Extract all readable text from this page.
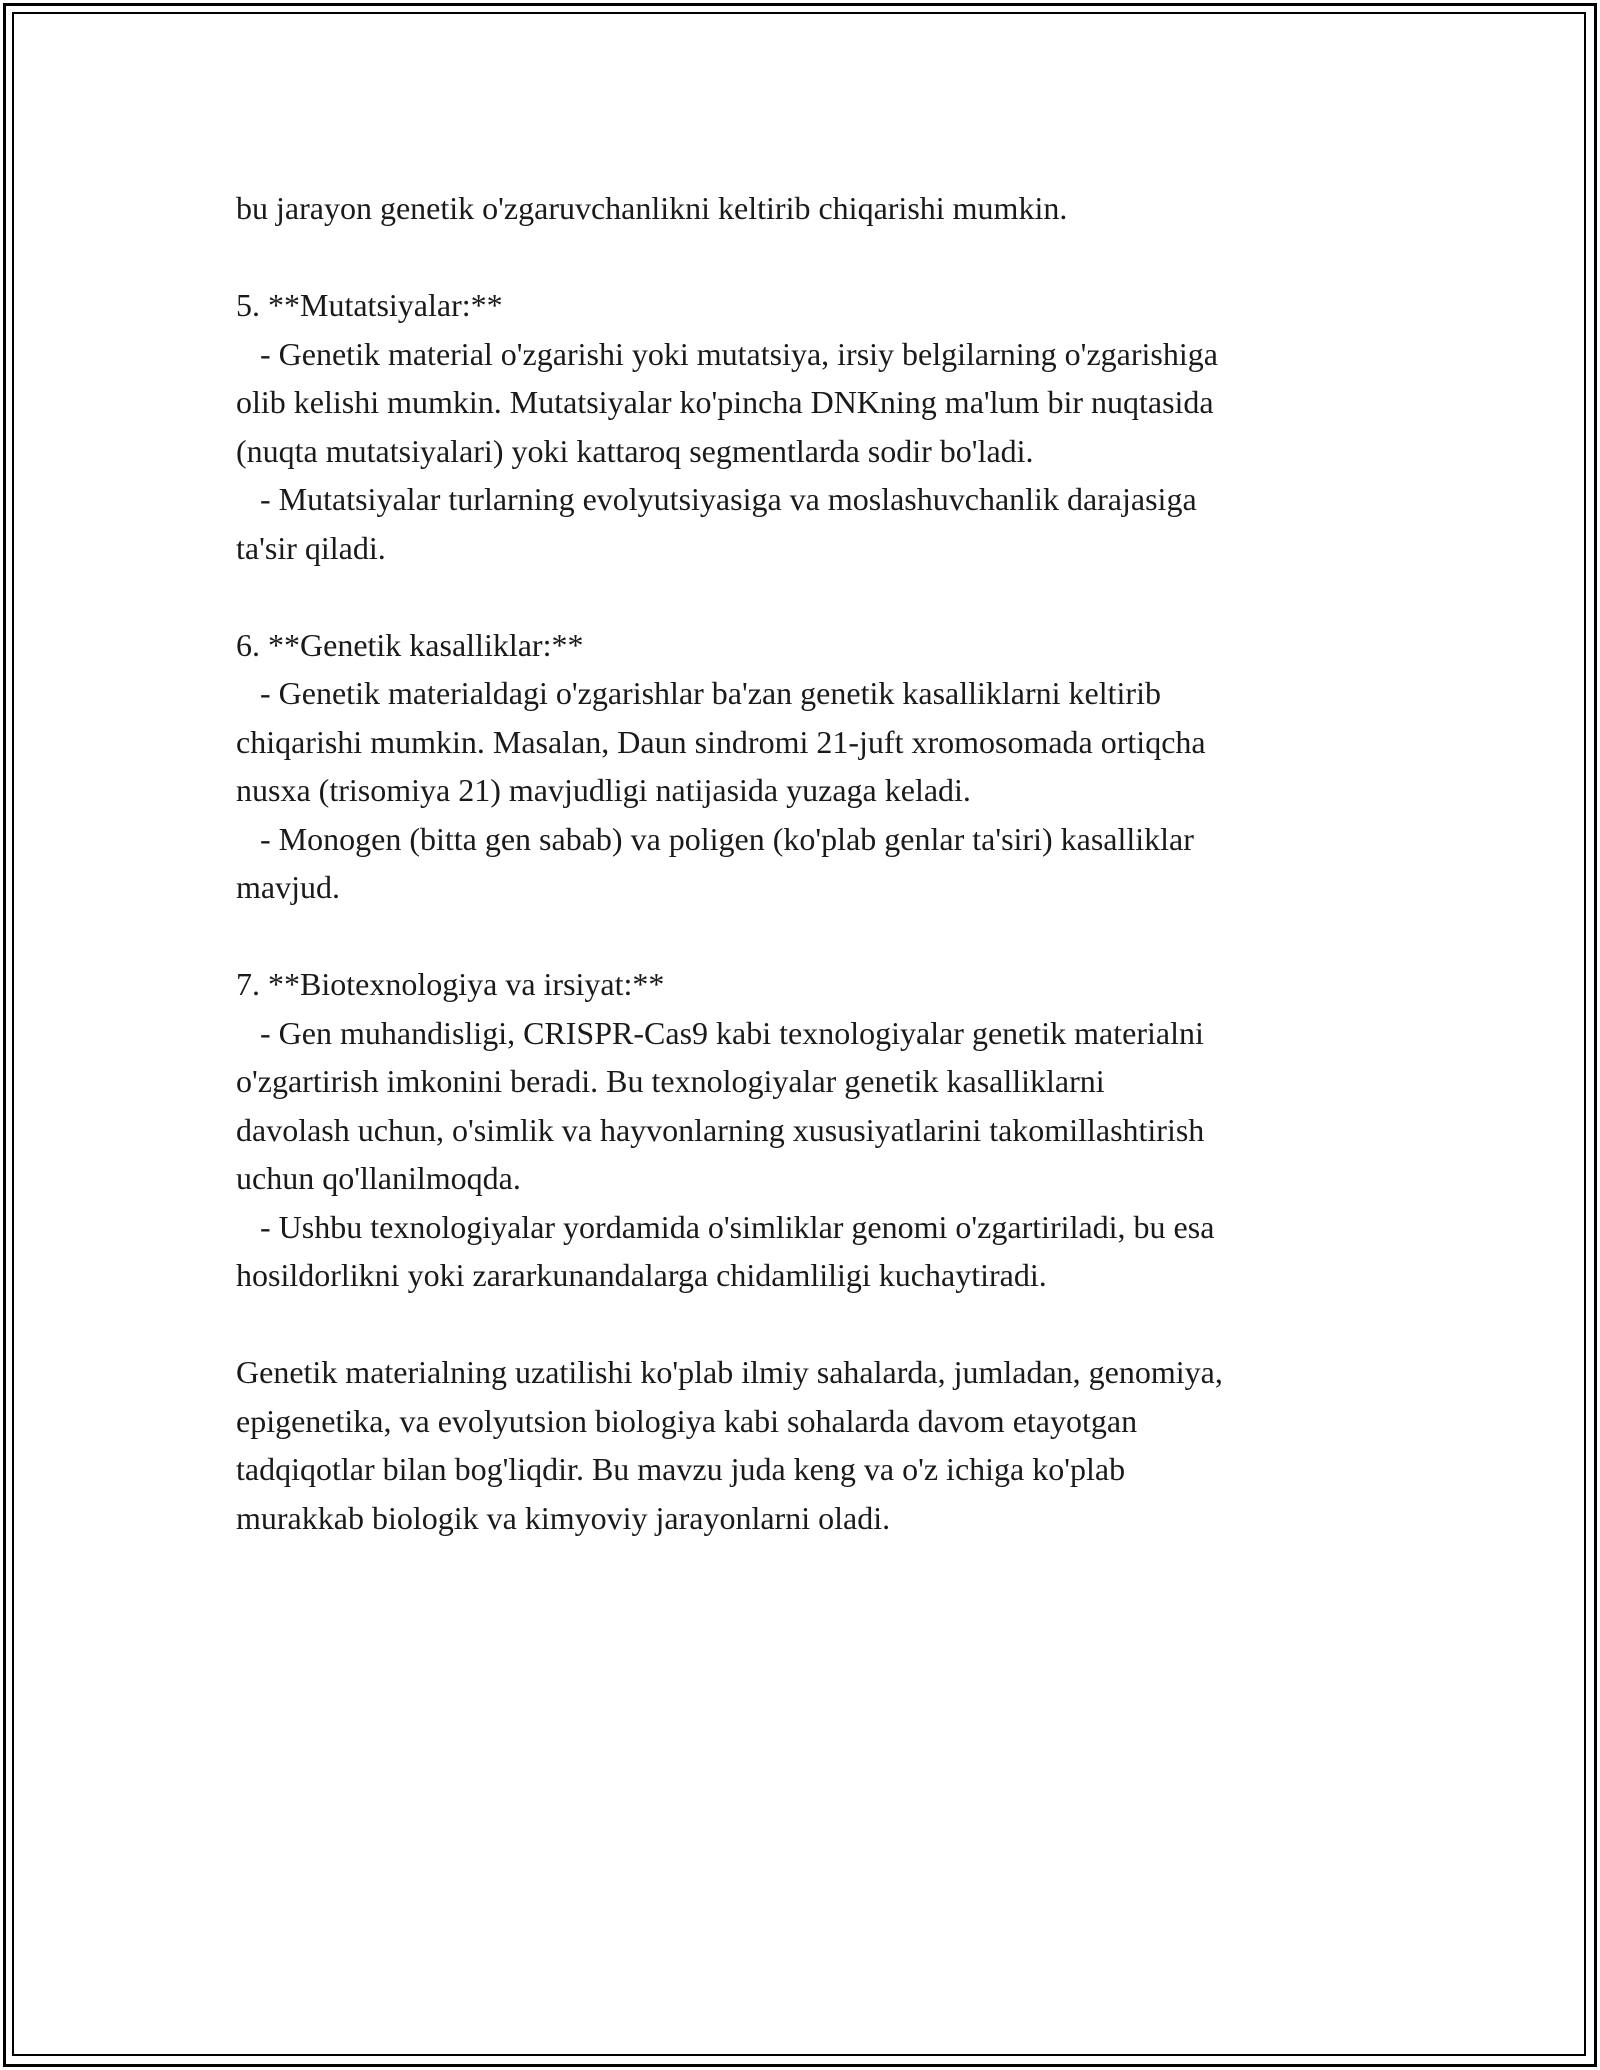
bu jarayon genetik o'zgaruvchanlikni keltirib chiqarishi mumkin.
5. **Mutatsiyalar:**
- Genetik material o'zgarishi yoki mutatsiya, irsiy belgilarning o'zgarishiga
olib kelishi mumkin. Mutatsiyalar ko'pincha DNKning ma'lum bir nuqtasida
(nuqta mutatsiyalari) yoki kattaroq segmentlarda sodir bo'ladi.
- Mutatsiyalar turlarning evolyutsiyasiga va moslashuvchanlik darajasiga
ta'sir qiladi.
6. **Genetik kasalliklar:**
- Genetik materialdagi o'zgarishlar ba'zan genetik kasalliklarni keltirib
chiqarishi mumkin. Masalan, Daun sindromi 21-juft xromosomada ortiqcha
nusxa (trisomiya 21) mavjudligi natijasida yuzaga keladi.
- Monogen (bitta gen sabab) va poligen (ko'plab genlar ta'siri) kasalliklar
mavjud.
7. **Biotexnologiya va irsiyat:**
- Gen muhandisligi, CRISPR-Cas9 kabi texnologiyalar genetik materialni
o'zgartirish imkonini beradi. Bu texnologiyalar genetik kasalliklarni
davolash uchun, o'simlik va hayvonlarning xususiyatlarini takomillashtirish
uchun qo'llanilmoqda.
- Ushbu texnologiyalar yordamida o'simliklar genomi o'zgartiriladi, bu esa
hosildorlikni yoki zararkunandalarga chidamliligi kuchaytiradi.
Genetik materialning uzatilishi ko'plab ilmiy sahalarda, jumladan, genomiya,
epigenetika, va evolyutsion biologiya kabi sohalarda davom etayotgan
tadqiqotlar bilan bog'liqdir. Bu mavzu juda keng va o'z ichiga ko'plab
murakkab biologik va kimyoviy jarayonlarni oladi.
